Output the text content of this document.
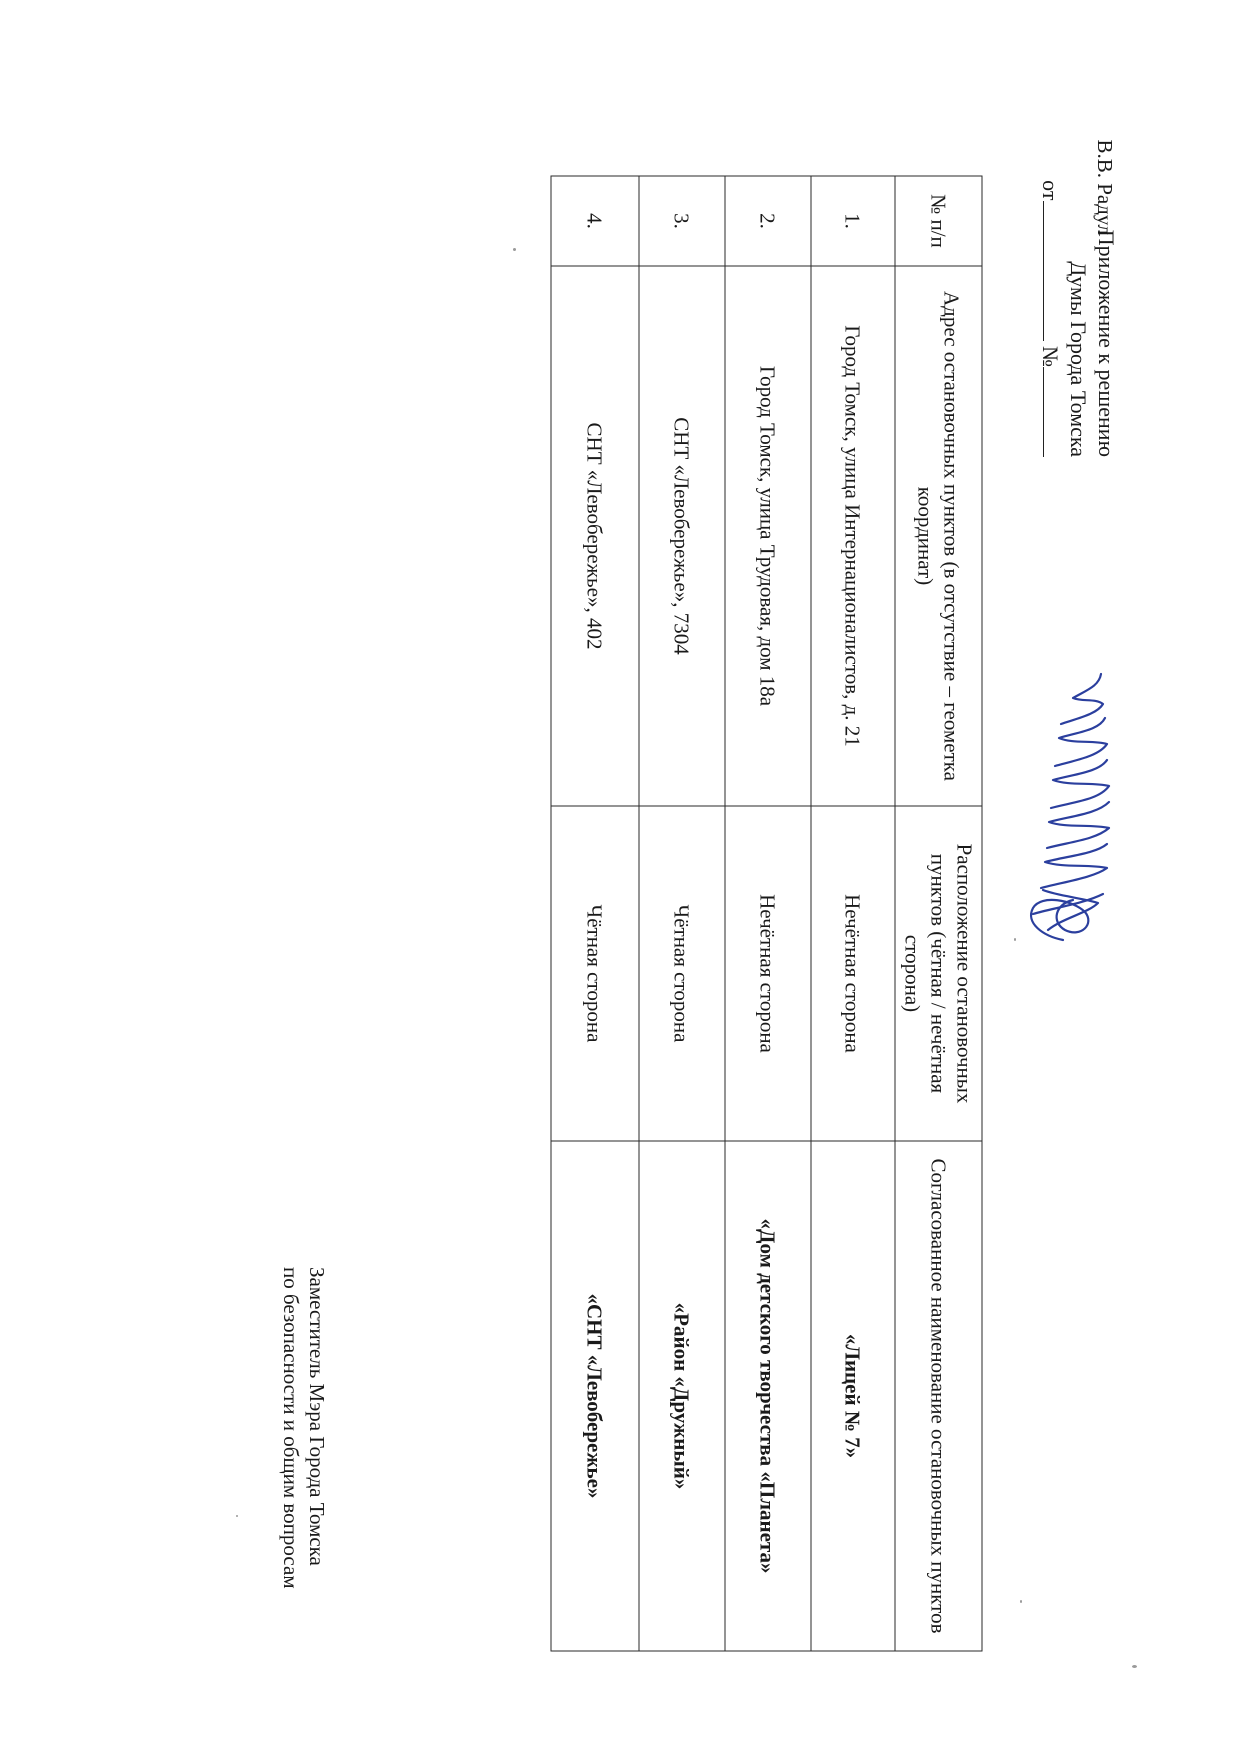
Приложение к решению
Думы Города Томска
от №
№ п/п	Адрес остановочных пунктов (в отсутствие – геометка координат)	Расположение остановочных пунктов (чётная / нечётная сторона)	Согласованное наименование остановочных пунктов
1.	Город Томск, улица Интернационалистов, д. 21	Нечётная сторона	«Лицей № 7»
2.	Город Томск, улица Трудовая, дом 18а	Нечётная сторона	«Дом детского творчества «Планета»
3.	СНТ «Левобережье», 7304	Чётная сторона	«Район «Дружный»
4.	СНТ «Левобережье», 402	Чётная сторона	«СНТ «Левобережье»
Заместитель Мэра Города Томска
по безопасности и общим вопросам
В.В. Радул
